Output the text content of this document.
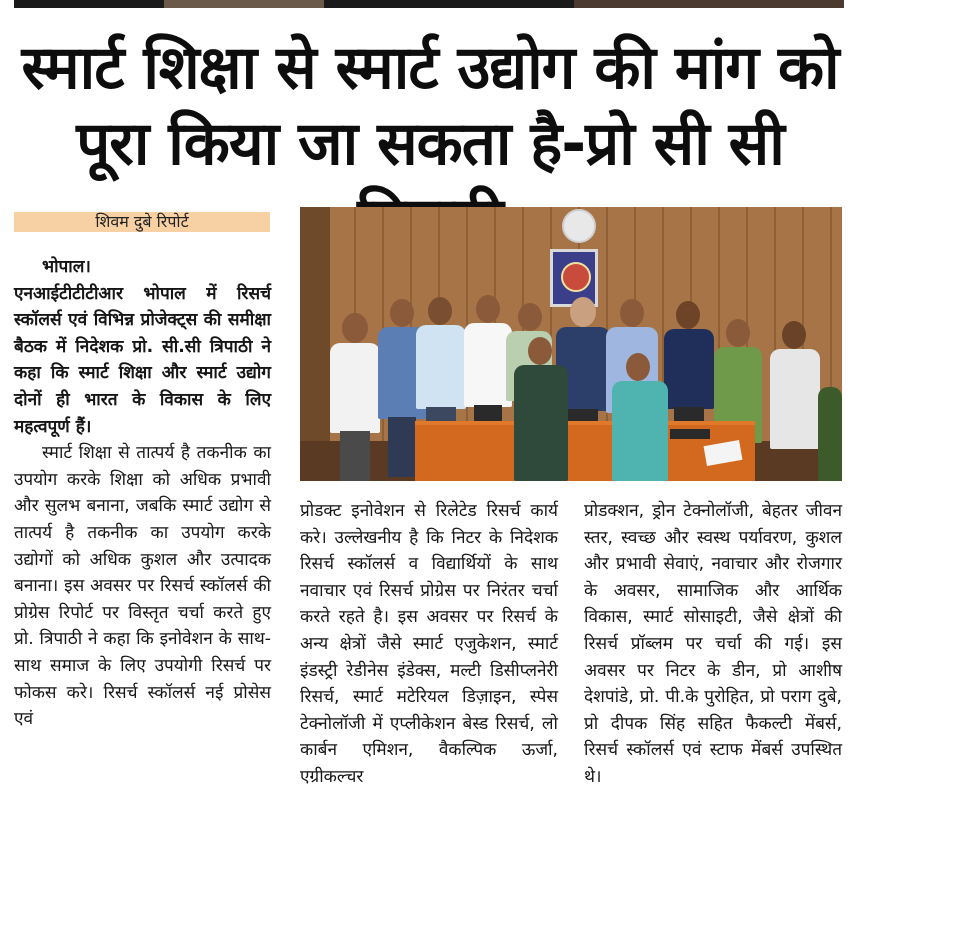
स्मार्ट शिक्षा से स्मार्ट उद्योग की मांग को
पूरा किया जा सकता है-प्रो सी सी
शिवम दुबे रिपोर्ट

भोपाल।

एनआईटीटीटीआर भोपाल में रिसर्च स्कॉलर्स एवं विभिन्न प्रोजेक्ट्स की समीक्षा बैठक में निदेशक प्रो. सी.सी त्रिपाठी ने कहा कि स्मार्ट शिक्षा और स्मार्ट उद्योग दोनों ही भारत के विकास के लिए महत्वपूर्ण हैं।

स्मार्ट शिक्षा से तात्पर्य है तकनीक का उपयोग करके शिक्षा को अधिक प्रभावी और सुलभ बनाना, जबकि स्मार्ट उद्योग से तात्पर्य है तकनीक का उपयोग करके उद्योगों को अधिक कुशल और उत्पादक बनाना। इस अवसर पर रिसर्च स्कॉलर्स की प्रोग्रेस रिपोर्ट पर विस्तृत चर्चा करते हुए प्रो. त्रिपाठी ने कहा कि इनोवेशन के साथ-साथ समाज के लिए उपयोगी रिसर्च पर फोकस करे। रिसर्च स्कॉलर्स नई प्रोसेस एवं

प्रोडक्ट इनोवेशन से रिलेटेड रिसर्च कार्य करे। उल्लेखनीय है कि निटर के निदेशक रिसर्च स्कॉलर्स व विद्यार्थियों के साथ नवाचार एवं रिसर्च प्रोग्रेस पर निरंतर चर्चा करते रहते है। इस अवसर पर रिसर्च के अन्य क्षेत्रों जैसे स्मार्ट एजुकेशन, स्मार्ट इंडस्ट्री रेडीनेस इंडेक्स, मल्टी डिसीप्लनेरी रिसर्च, स्मार्ट मटेरियल डिज़ाइन, स्पेस टेक्नोलॉजी में एप्लीकेशन बेस्ड रिसर्च, लो कार्बन एमिशन, वैकल्पिक ऊर्जा, एग्रीकल्चर

प्रोडक्शन, ड्रोन टेक्नोलॉजी, बेहतर जीवन स्तर, स्वच्छ और स्वस्थ पर्यावरण, कुशल और प्रभावी सेवाएं, नवाचार और रोजगार के अवसर, सामाजिक और आर्थिक विकास, स्मार्ट सोसाइटी, जैसे क्षेत्रों की रिसर्च प्रॉब्लम पर चर्चा की गई। इस अवसर पर निटर के डीन, प्रो आशीष देशपांडे, प्रो. पी.के पुरोहित, प्रो पराग दुबे, प्रो दीपक सिंह सहित फैकल्टी मेंबर्स, रिसर्च स्कॉलर्स एवं स्टाफ मेंबर्स उपस्थित थे।
